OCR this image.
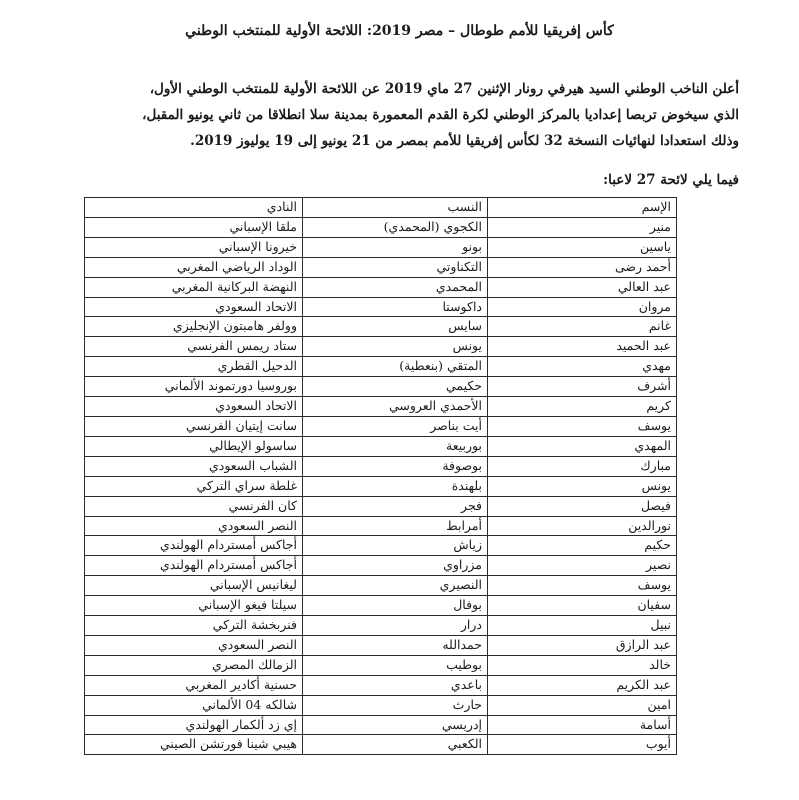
كأس إفريقيا للأمم طوطال – مصر 2019: اللائحة الأولية للمنتخب الوطني
أعلن الناخب الوطني السيد هيرفي رونار الإثنين 27 ماي 2019 عن اللائحة الأولية للمنتخب الوطني الأول،
الذي سيخوض تربصا إعداديا بالمركز الوطني لكرة القدم المعمورة بمدينة سلا انطلاقا من ثاني يونيو المقبل،
وذلك استعدادا لنهائيات النسخة 32 لكأس إفريقيا للأمم بمصر من 21 يونيو إلى 19 يوليوز 2019.
فيما يلي لائحة 27 لاعبا:
الإسم	النسب	النادي
منير	الكجوي (المحمدي)	ملقا الإسباني
ياسين	بونو	خيرونا الإسباني
أحمد رضى	التكناوتي	الوداد الرياضي المغربي
عبد العالي	المحمدي	النهضة البركانية المغربي
مروان	داكوستا	الاتحاد السعودي
غانم	سايس	وولفر هامبتون الإنجليزي
عبد الحميد	يونس	ستاد ريمس الفرنسي
مهدي	المتقي (بنعطية)	الدحيل القطري
أشرف	حكيمي	بوروسيا دورتموند الألماني
كريم	الأحمدي العروسي	الاتحاد السعودي
يوسف	أيت بناصر	سانت إيتيان الفرنسي
المهدي	بوربيعة	ساسولو الإيطالي
مبارك	بوصوفة	الشباب السعودي
يونس	بلهندة	غلطة سراي التركي
فيصل	فجر	كان الفرنسي
نورالدين	أمرابط	النصر السعودي
حكيم	زياش	أجاكس أمستردام الهولندي
نصير	مزراوي	أجاكس أمستردام الهولندي
يوسف	النصيري	ليغانيس الإسباني
سفيان	بوفال	سيلتا فيغو الإسباني
نبيل	درار	فنربخشة التركي
عبد الرازق	حمدالله	النصر السعودي
خالد	بوطيب	الزمالك المصري
عبد الكريم	باعدي	حسنية أكادير المغربي
امين	حارث	شالكه 04 الألماني
أسامة	إدريسي	إي زد ألكمار الهولندي
أيوب	الكعبي	هيبي شينا فورتشن الصيني
